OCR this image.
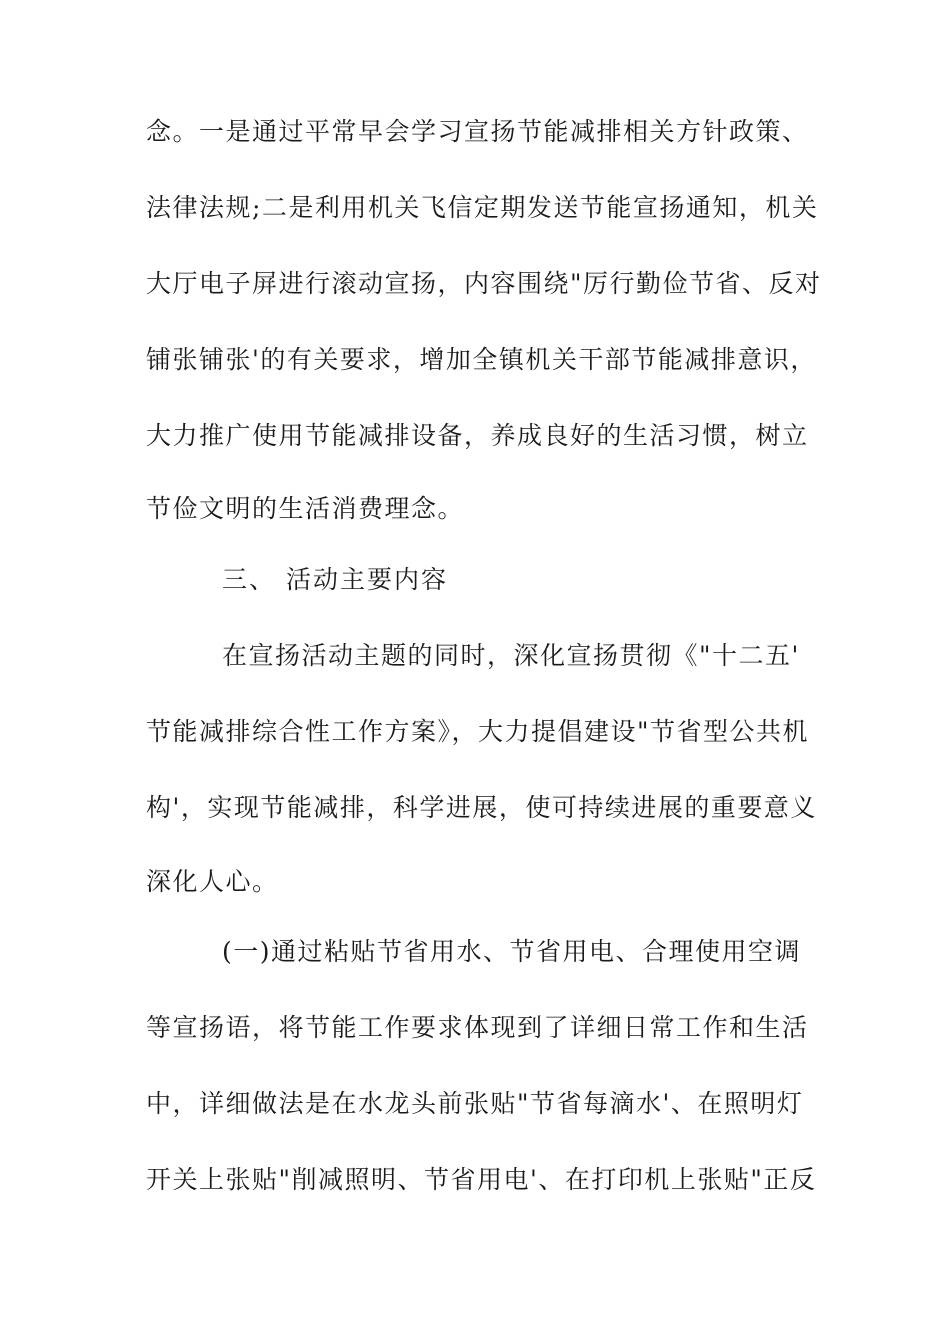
念。一是通过平常早会学习宣扬节能减排相关方针政策、
法律法规;二是利用机关飞信定期发送节能宣扬通知，机关
大厅电子屏进行滚动宣扬，内容围绕"厉行勤俭节省、反对
铺张铺张'的有关要求，增加全镇机关干部节能减排意识，
大力推广使用节能减排设备，养成良好的生活习惯，树立
节俭文明的生活消费理念。
三、 活动主要内容
在宣扬活动主题的同时，深化宣扬贯彻《"十二五'
节能减排综合性工作方案》，大力提倡建设"节省型公共机
构'，实现节能减排，科学进展，使可持续进展的重要意义
深化人心。
(一)通过粘贴节省用水、节省用电、合理使用空调
等宣扬语，将节能工作要求体现到了详细日常工作和生活
中，详细做法是在水龙头前张贴"节省每滴水'、在照明灯
开关上张贴"削减照明、节省用电'、在打印机上张贴"正反
